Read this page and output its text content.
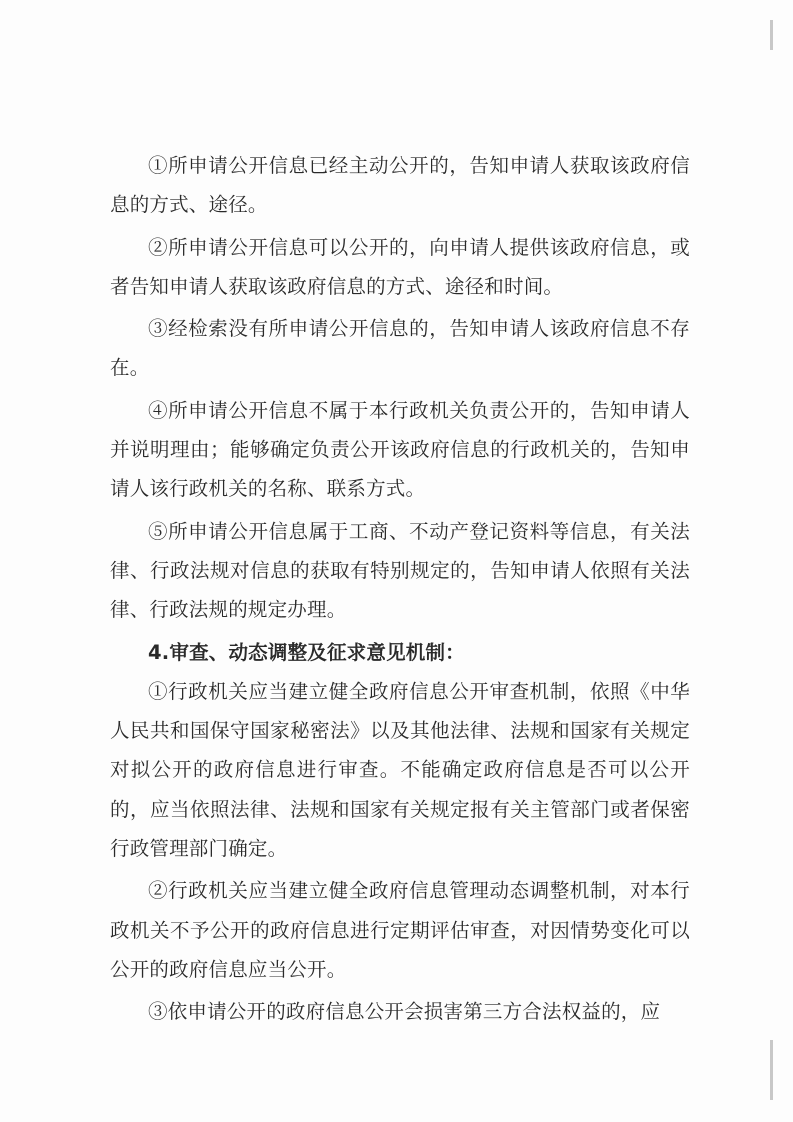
①所申请公开信息已经主动公开的，告知申请人获取该政府信息的方式、途径。

②所申请公开信息可以公开的，向申请人提供该政府信息，或者告知申请人获取该政府信息的方式、途径和时间。

③经检索没有所申请公开信息的，告知申请人该政府信息不存在。

④所申请公开信息不属于本行政机关负责公开的，告知申请人并说明理由；能够确定负责公开该政府信息的行政机关的，告知申请人该行政机关的名称、联系方式。

⑤所申请公开信息属于工商、不动产登记资料等信息，有关法律、行政法规对信息的获取有特别规定的，告知申请人依照有关法律、行政法规的规定办理。

4.审查、动态调整及征求意见机制：

①行政机关应当建立健全政府信息公开审查机制，依照《中华人民共和国保守国家秘密法》以及其他法律、法规和国家有关规定对拟公开的政府信息进行审查。不能确定政府信息是否可以公开的，应当依照法律、法规和国家有关规定报有关主管部门或者保密行政管理部门确定。

②行政机关应当建立健全政府信息管理动态调整机制，对本行政机关不予公开的政府信息进行定期评估审查，对因情势变化可以公开的政府信息应当公开。

③依申请公开的政府信息公开会损害第三方合法权益的，应
